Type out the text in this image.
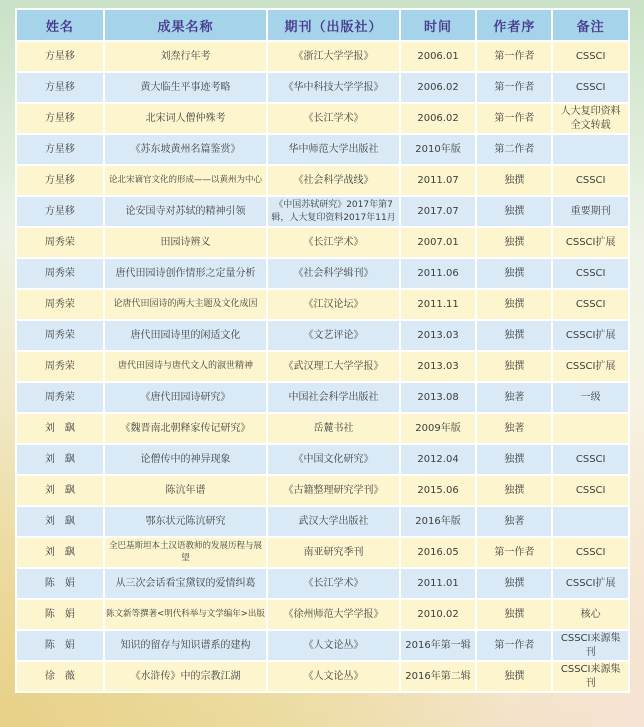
姓名	成果名称	期刊（出版社）	时间	作者序	备注
方星移	刘焘行年考	《浙江大学学报》	2006.01	第一作者	CSSCI
方星移	黄大临生平事迹考略	《华中科技大学学报》	2006.02	第一作者	CSSCI
方星移	北宋词人僧仲殊考	《长江学术》	2006.02	第一作者	人大复印资料全文转载
方星移	《苏东坡黄州名篇鉴赏》	华中师范大学出版社	2010年版	第二作者	
方星移	论北宋谪官文化的形成——以黄州为中心	《社会科学战线》	2011.07	独撰	CSSCI
方星移	论安国寺对苏轼的精神引领	《中国苏轼研究》2017年第7辑，人大复印资料2017年11月	2017.07	独撰	重要期刊
周秀荣	田园诗辨义	《长江学术》	2007.01	独撰	CSSCI扩展
周秀荣	唐代田园诗创作情形之定量分析	《社会科学辑刊》	2011.06	独撰	CSSCI
周秀荣	论唐代田园诗的两大主题及文化成因	《江汉论坛》	2011.11	独撰	CSSCI
周秀荣	唐代田园诗里的闲适文化	《文艺评论》	2013.03	独撰	CSSCI扩展
周秀荣	唐代田园诗与唐代文人的淑世精神	《武汉理工大学学报》	2013.03	独撰	CSSCI扩展
周秀荣	《唐代田园诗研究》	中国社会科学出版社	2013.08	独著	一级
刘　飖	《魏晋南北朝释家传记研究》	岳麓书社	2009年版	独著	
刘　飖	论僧传中的神异现象	《中国文化研究》	2012.04	独撰	CSSCI
刘　飖	陈沆年谱	《古籍整理研究学刊》	2015.06	独撰	CSSCI
刘　飖	鄂东状元陈沆研究	武汉大学出版社	2016年版	独著	
刘　飖	全巴基斯坦本土汉语教师的发展历程与展望	南亚研究季刊	2016.05	第一作者	CSSCI
陈　娟	从三次会话看宝黛钗的爱情纠葛	《长江学术》	2011.01	独撰	CSSCI扩展
陈　娟	陈文新等撰著<明代科举与文学编年>出版	《徐州师范大学学报》	2010.02	独撰	核心
陈　娟	知识的留存与知识谱系的建构	《人文论丛》	2016年第一辑	第一作者	CSSCI来源集刊
徐　薇	《水浒传》中的宗教江湖	《人文论丛》	2016年第二辑	独撰	CSSCI来源集刊
